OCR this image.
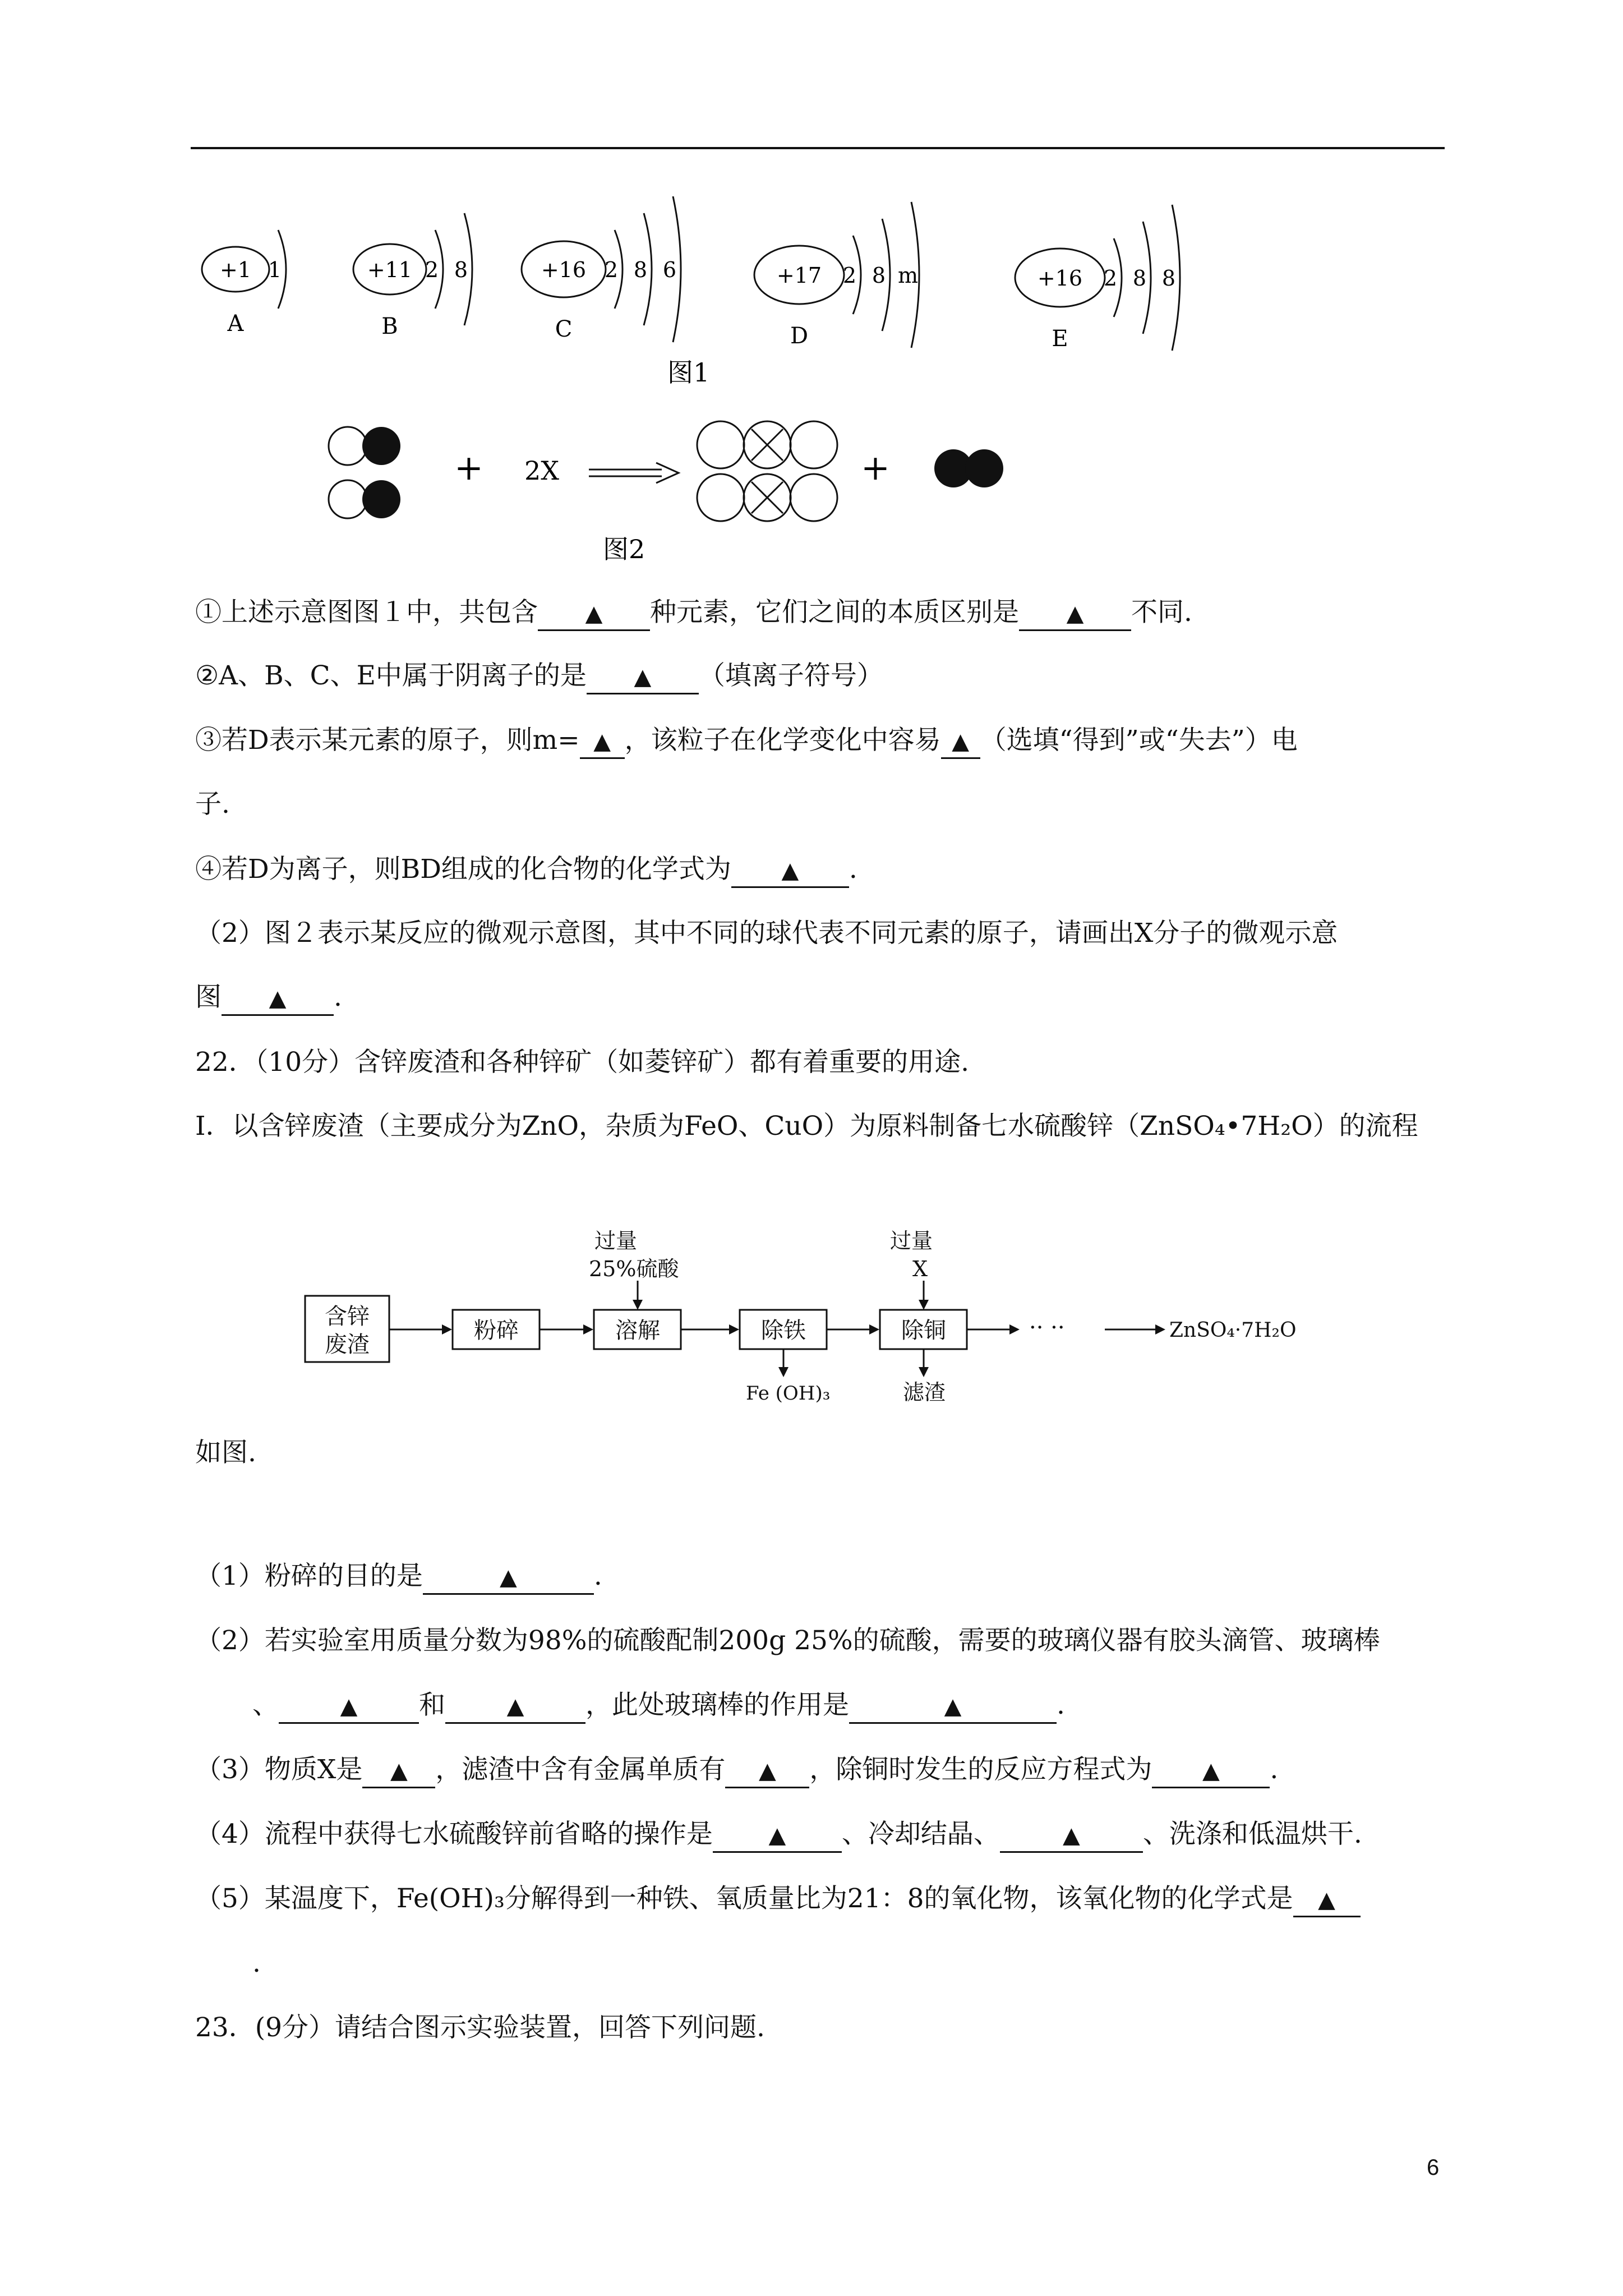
+1 1
A
+11 2 8
B
+16 2 8 6
C
+17 2 8 m
D
+16 2 8 8
E
图1
+ 2X	+
图2
①上述示意图图１中，共包含 ▲ 种元素，它们之间的本质区别是 ▲ 不同.
②A、B、C、E中属于阴离子的是 ▲ （填离子符号）
③若D表示某元素的原子，则m= ▲ ，该粒子在化学变化中容易 ▲ （选填“得到”或“失去”）电
子.
④若D为离子，则BD组成的化合物的化学式为 ▲ .
（2）图２表示某反应的微观示意图，其中不同的球代表不同元素的原子，请画出X分子的微观示意
图 ▲ .
22．（10分）含锌废渣和各种锌矿（如菱锌矿）都有着重要的用途.
Ⅰ．以含锌废渣（主要成分为ZnO，杂质为FeO、CuO）为原料制备七水硫酸锌（ZnSO₄•7H₂O）的流程
含锌
废渣
粉碎	溶解
过量
25%硫酸
除铁
Fe (OH)₃
除铜
过量
X
滤渣
·· ··	ZnSO₄·7H₂O
如图.
（1）粉碎的目的是	▲	.
（2）若实验室用质量分数为98%的硫酸配制200g 25%的硫酸，需要的玻璃仪器有胶头滴管、玻璃棒
、	▲ 和	▲ ，此处玻璃棒的作用是	▲	.
（3）物质X是 ▲ ，滤渣中含有金属单质有 ▲ ，除铜时发生的反应方程式为 ▲ .
（4）流程中获得七水硫酸锌前省略的操作是 ▲ 、冷却结晶、	▲ 、洗涤和低温烘干.
（5）某温度下，Fe(OH)₃分解得到一种铁、氧质量比为21：8的氧化物，该氧化物的化学式是 ▲
.
23．(9分）请结合图示实验装置，回答下列问题.
6
